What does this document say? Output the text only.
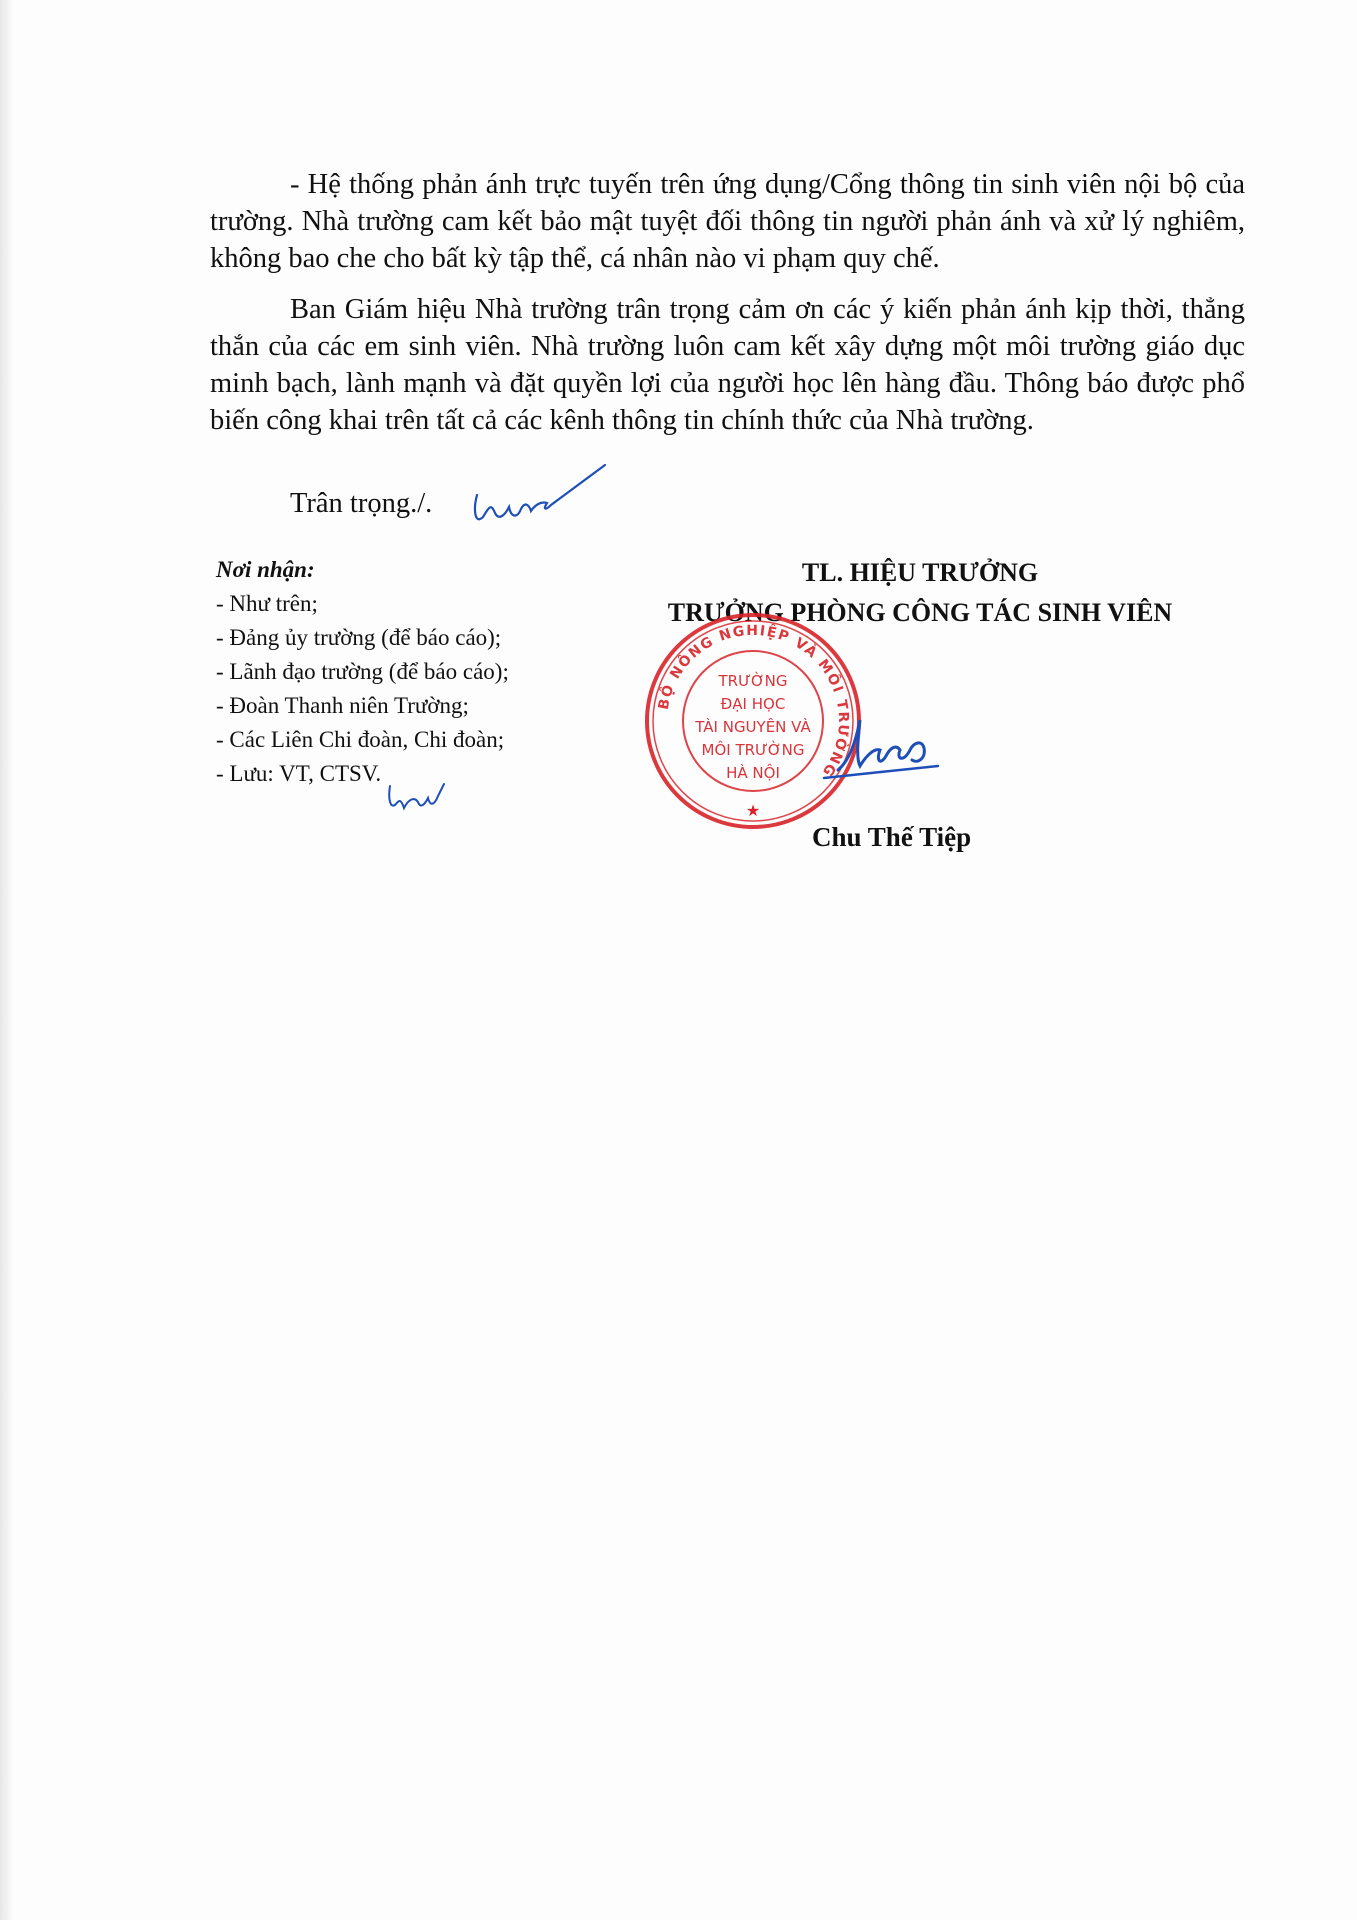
- Hệ thống phản ánh trực tuyến trên ứng dụng/Cổng thông tin sinh viên nội bộ của trường. Nhà trường cam kết bảo mật tuyệt đối thông tin người phản ánh và xử lý nghiêm, không bao che cho bất kỳ tập thể, cá nhân nào vi phạm quy chế.

Ban Giám hiệu Nhà trường trân trọng cảm ơn các ý kiến phản ánh kịp thời, thẳng thắn của các em sinh viên. Nhà trường luôn cam kết xây dựng một môi trường giáo dục minh bạch, lành mạnh và đặt quyền lợi của người học lên hàng đầu. Thông báo được phổ biến công khai trên tất cả các kênh thông tin chính thức của Nhà trường.

Trân trọng./.

Nơi nhận:

- Như trên;
- Đảng ủy trường (để báo cáo);
- Lãnh đạo trường (để báo cáo);
- Đoàn Thanh niên Trường;
- Các Liên Chi đoàn, Chi đoàn;
- Lưu: VT, CTSV.

TL. HIỆU TRƯỞNG

TRƯỞNG PHÒNG CÔNG TÁC SINH VIÊN

BỘ NÔNG NGHIỆP VÀ MÔI TRƯỜNG
★
TRƯỜNG
ĐẠI HỌC
TÀI NGUYÊN VÀ
MÔI TRƯỜNG
HÀ NỘI

Chu Thế Tiệp
